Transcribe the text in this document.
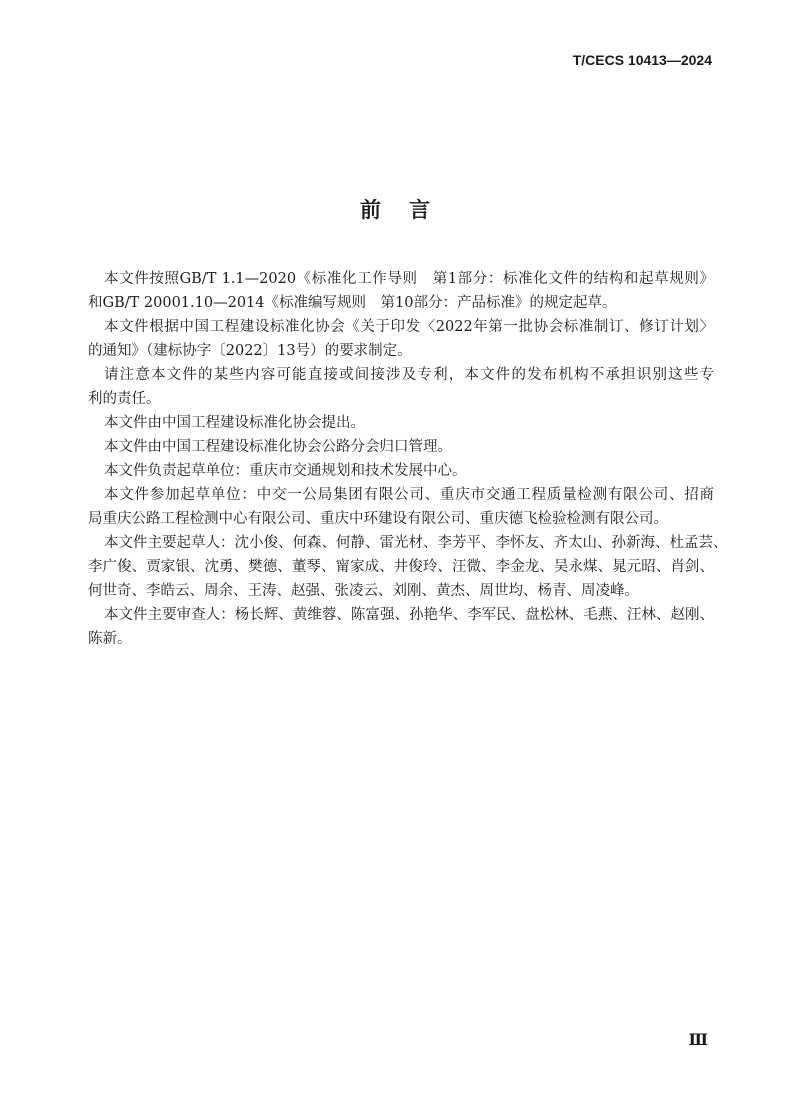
T/CECS 10413—2024
前言
本文件按照GB/T 1.1—2020《标准化工作导则　第1部分：标准化文件的结构和起草规则》
和GB/T 20001.10—2014《标准编写规则　第10部分：产品标准》的规定起草。
本文件根据中国工程建设标准化协会《关于印发〈2022年第一批协会标准制订、修订计划〉
的通知》（建标协字〔2022〕13号）的要求制定。
请注意本文件的某些内容可能直接或间接涉及专利，本文件的发布机构不承担识别这些专
利的责任。
本文件由中国工程建设标准化协会提出。
本文件由中国工程建设标准化协会公路分会归口管理。
本文件负责起草单位：重庆市交通规划和技术发展中心。
本文件参加起草单位：中交一公局集团有限公司、重庆市交通工程质量检测有限公司、招商
局重庆公路工程检测中心有限公司、重庆中环建设有限公司、重庆德飞检验检测有限公司。
本文件主要起草人：沈小俊、何森、何静、雷光材、李芳平、李怀友、齐太山、孙新海、杜孟芸、
李广俊、贾家银、沈勇、樊德、董琴、甯家成、井俊玲、汪微、李金龙、吴永煤、晁元昭、肖剑、
何世奇、李皓云、周余、王涛、赵强、张凌云、刘刚、黄杰、周世均、杨青、周凌峰。
本文件主要审查人：杨长辉、黄维蓉、陈富强、孙艳华、李军民、盘松林、毛燕、汪林、赵刚、
陈新。
Ⅲ
